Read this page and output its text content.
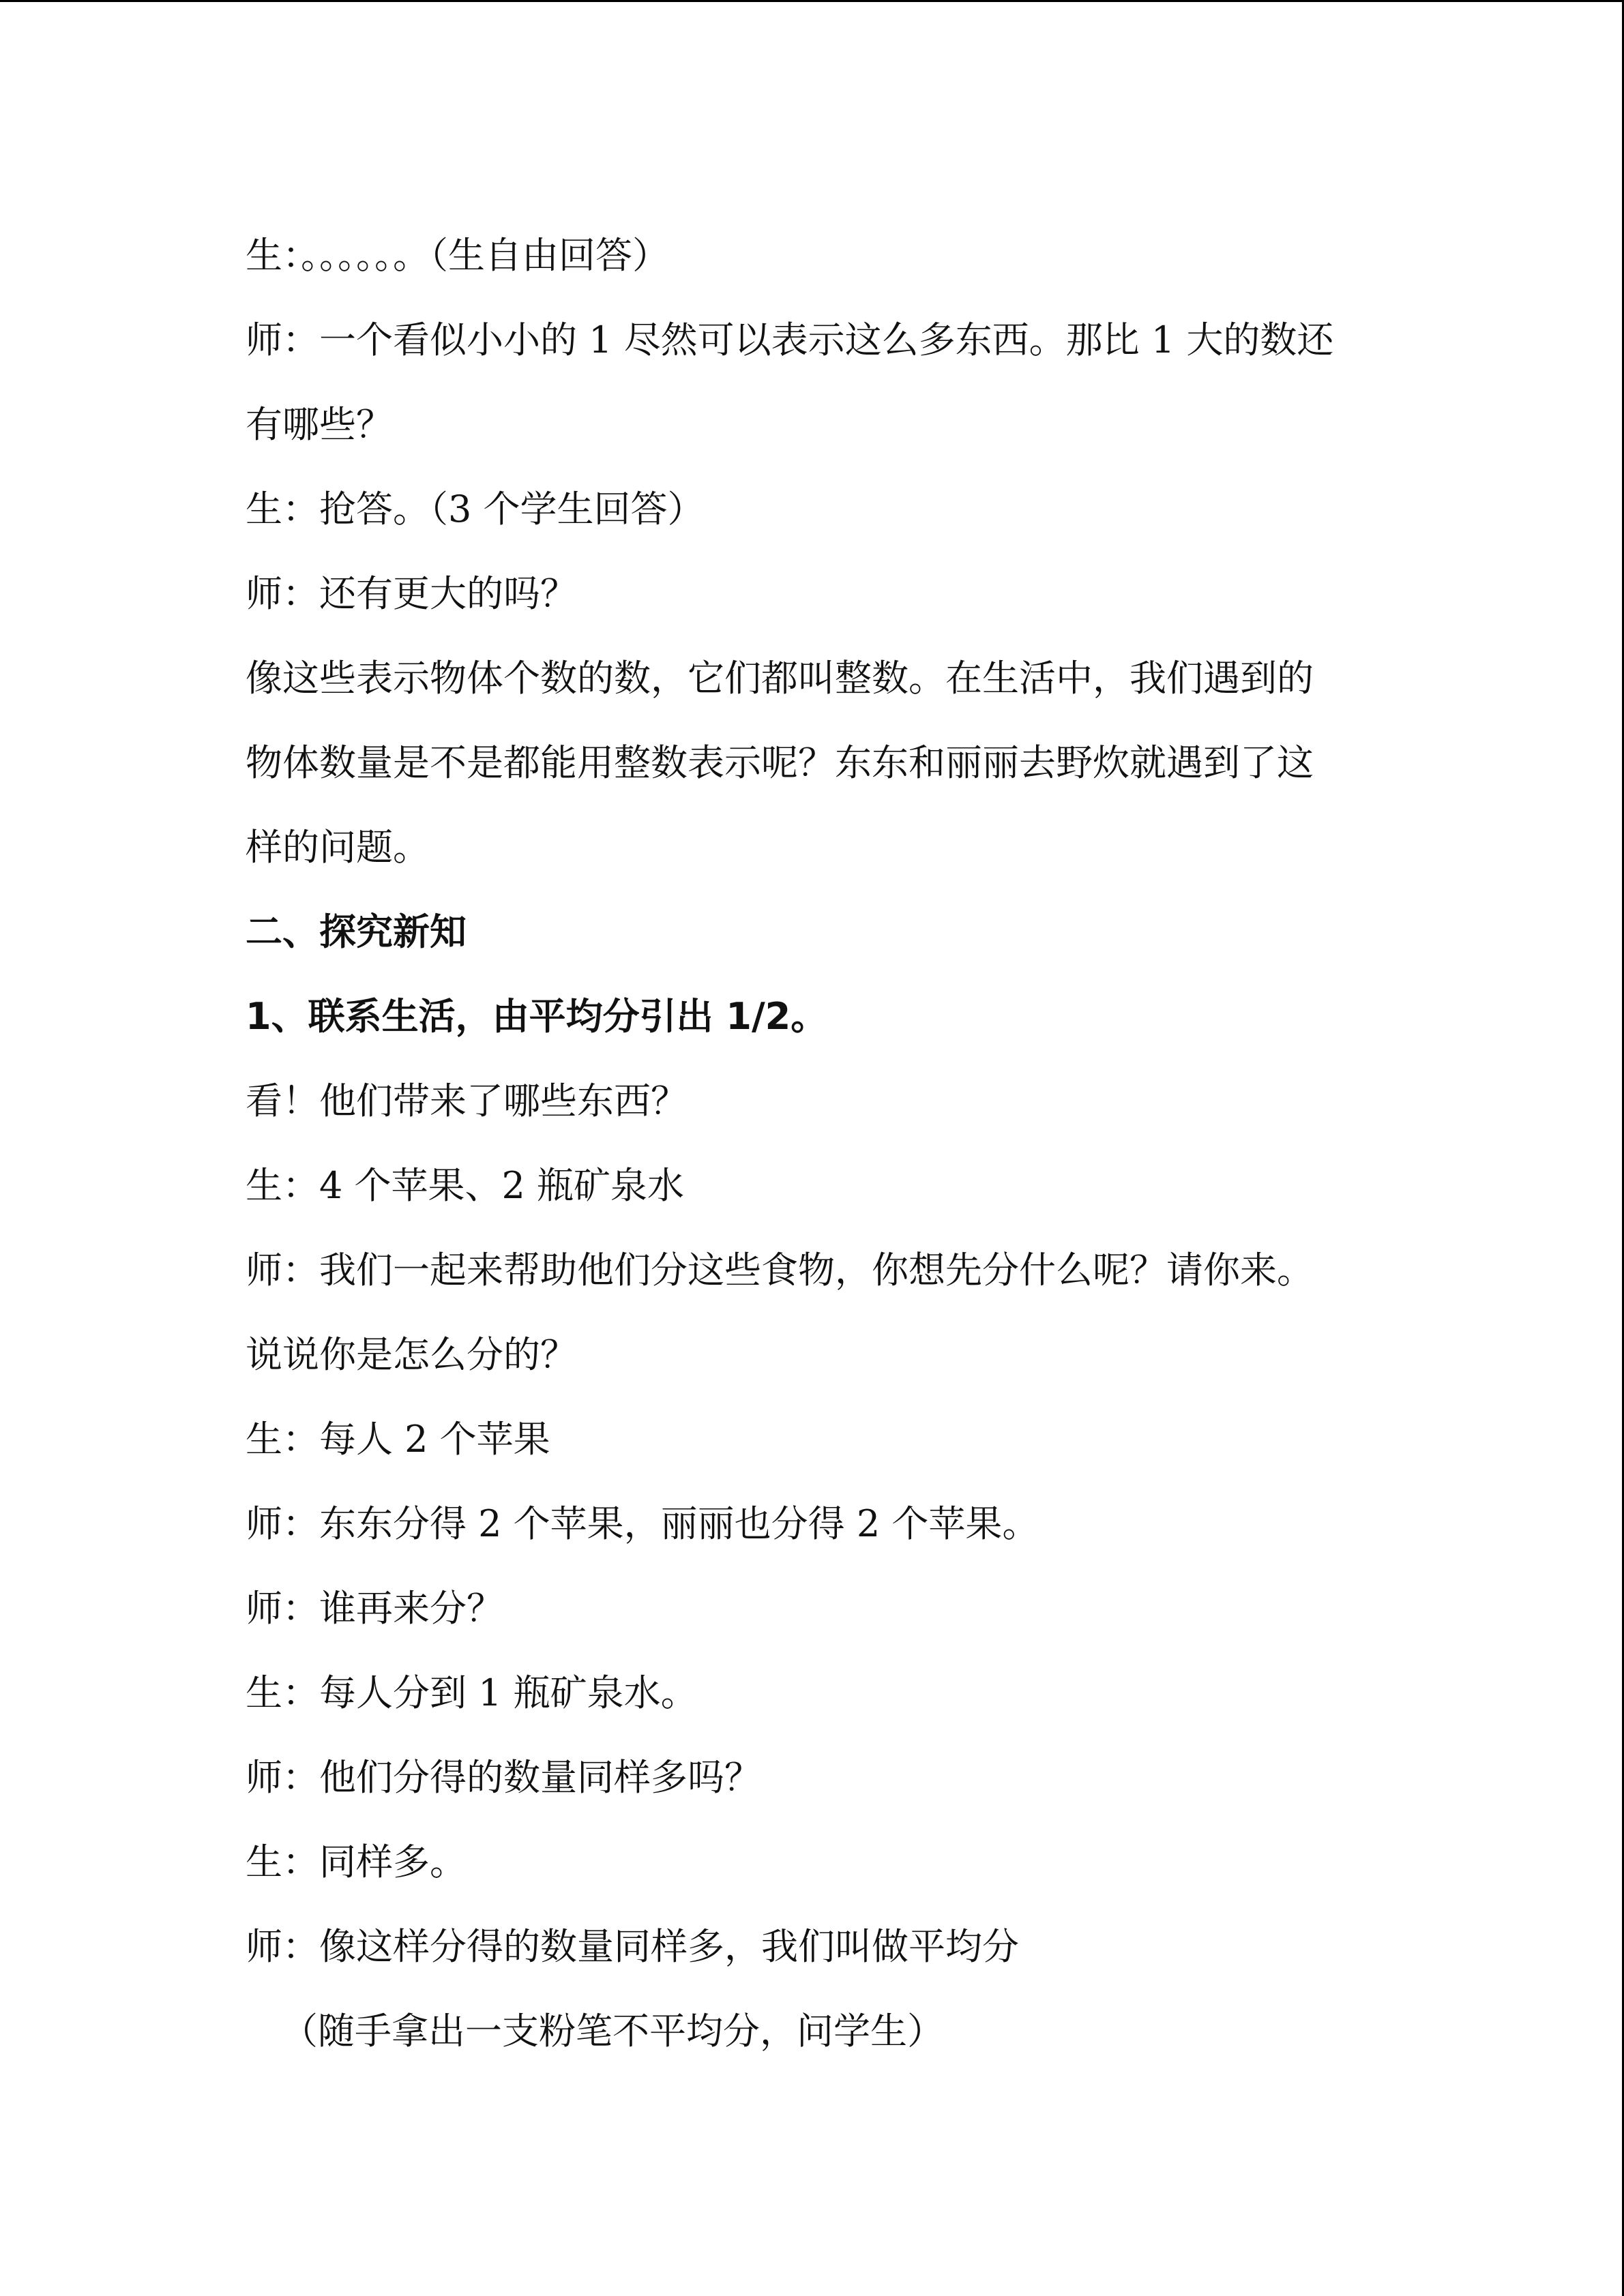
生：。。。。。。（生自由回答）
师：一个看似小小的 1 尽然可以表示这么多东西。那比 1 大的数还
有哪些？
生：抢答。（3 个学生回答）
师：还有更大的吗？
像这些表示物体个数的数，它们都叫整数。在生活中，我们遇到的
物体数量是不是都能用整数表示呢？东东和丽丽去野炊就遇到了这
样的问题。
二、探究新知
1、联系生活，由平均分引出 1/2。
看！他们带来了哪些东西？
生：4 个苹果、2 瓶矿泉水
师：我们一起来帮助他们分这些食物，你想先分什么呢？请你来。
说说你是怎么分的？
生：每人 2 个苹果
师：东东分得 2 个苹果，丽丽也分得 2 个苹果。
师：谁再来分？
生：每人分到 1 瓶矿泉水。
师：他们分得的数量同样多吗？
生：同样多。
师：像这样分得的数量同样多，我们叫做平均分
（随手拿出一支粉笔不平均分，问学生）
